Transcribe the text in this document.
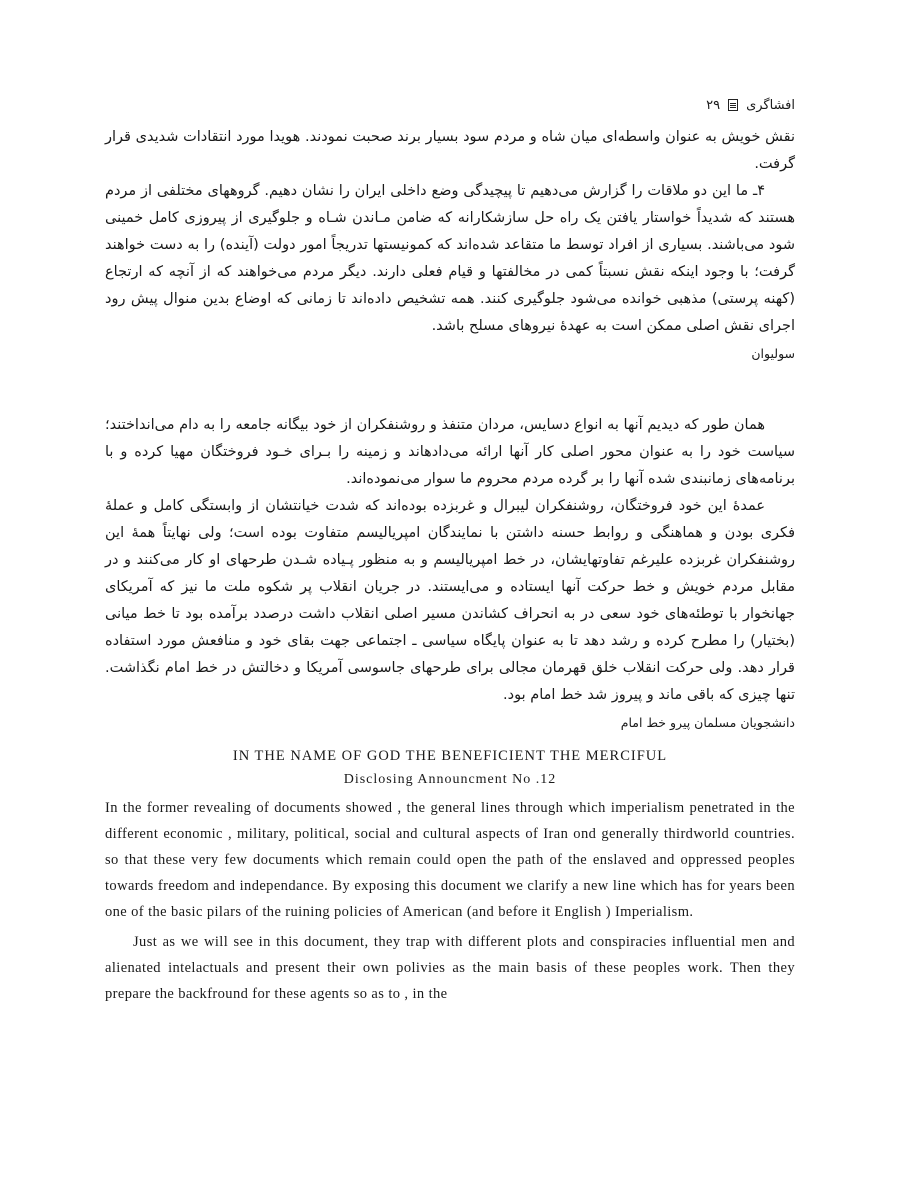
افشاگری
۲۹

نقش خویش به عنوان واسطه‌ای میان شاه و مردم سود بسیار برند صحبت نمودند. هویدا مورد انتقادات شدیدی قرار گرفت.

۴ـ ما این دو ملاقات را گزارش می‌دهیم تا پیچیدگی وضع داخلی ایران را نشان دهیم. گروههای مختلفی از مردم هستند که شدیداً خواستار یافتن یک راه حل سازشکارانه که ضامن مـاندن شـاه و جلوگیری از پیروزی کامل خمینی شود می‌باشند. بسیاری از افراد توسط ما متقاعد شده‌اند که کمونیستها تدریجاً امور دولت (آینده) را به دست خواهند گرفت؛ با وجود اینکه نقش نسبتاً کمی در مخالفتها و قیام فعلی دارند. دیگر مردم می‌خواهند که از آنچه که ارتجاع (کهنه پرستی) مذهبی خوانده می‌شود جلوگیری کنند. همه تشخیص داده‌اند تا زمانی که اوضاع بدین منوال پیش رود اجرای نقش اصلی ممکن است به عهدهٔ نیروهای مسلح باشد.

سولیوان

همان طور که دیدیم آنها به انواع دسایس، مردان متنفذ و روشنفکران از خود بیگانه جامعه را به دام می‌انداختند؛ سیاست خود را به عنوان محور اصلی کار آنها ارائه می‌دادهاند و زمینه را بـرای خـود فروختگان مهیا کرده و با برنامه‌های زمانبندی شده آنها را بر گرده مردم محروم ما سوار می‌نموده‌اند.

عمدهٔ این خود فروختگان، روشنفکران لیبرال و غربزده بوده‌اند که شدت خیانتشان از وابستگی کامل و عملهٔ فکری بودن و هماهنگی و روابط حسنه داشتن با نمایندگان امپریالیسم متفاوت بوده است؛ ولی نهایتاً همهٔ این روشنفکران غربزده علیرغم تفاوتهایشان، در خط امپریالیسم و به منظور پـیاده شـدن طرحهای او کار می‌کنند و در مقابل مردم خویش و خط حرکت آنها ایستاده و می‌ایستند. در جریان انقلاب پر شکوه ملت ما نیز که آمریکای جهانخوار با توطئه‌های خود سعی در به انحراف کشاندن مسیر اصلی انقلاب داشت درصدد برآمده بود تا خط میانی (بختیار) را مطرح کرده و رشد دهد تا به عنوان پایگاه سیاسی ـ اجتماعی جهت بقای خود و منافعش مورد استفاده قرار دهد. ولی حرکت انقلاب خلق قهرمان مجالی برای طرحهای جاسوسی آمریکا و دخالتش در خط امام نگذاشت. تنها چیزی که باقی ماند و پیروز شد خط امام بود.

دانشجویان مسلمان پیرو خط امام

IN THE NAME OF GOD THE BENEFICIENT THE MERCIFUL

Disclosing Announcment No .12

In the former revealing of documents showed , the general lines through which imperialism penetrated in the different economic , military, political, social and cultural aspects of Iran ond generally thirdworld countries. so that these very few documents which remain could open the path of the enslaved and oppressed peoples towards freedom and independance. By exposing this document we clarify a new line which has for years been one of the basic pilars of the ruining policies of American (and before it English ) Imperialism.

Just as we will see in this document, they trap with different plots and conspiracies influential men and alienated intelactuals and present their own polivies as the main basis of these peoples work. Then they prepare the backfround for these agents so as to , in the
